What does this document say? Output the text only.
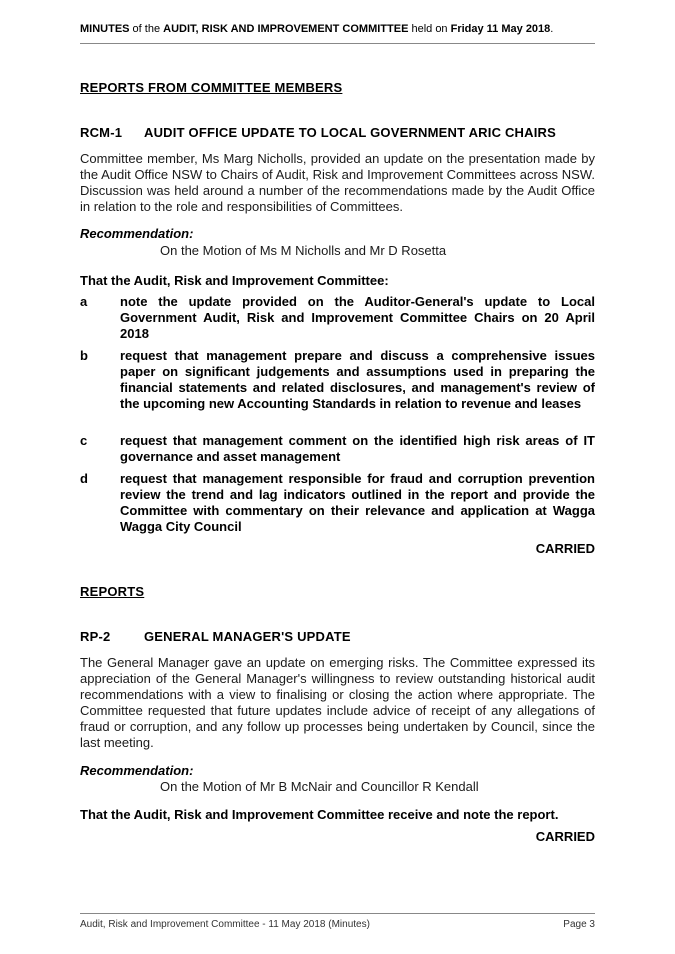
MINUTES of the AUDIT, RISK AND IMPROVEMENT COMMITTEE held on Friday 11 May 2018.
REPORTS FROM COMMITTEE MEMBERS
RCM-1 AUDIT OFFICE UPDATE TO LOCAL GOVERNMENT ARIC CHAIRS
Committee member, Ms Marg Nicholls, provided an update on the presentation made by the Audit Office NSW to Chairs of Audit, Risk and Improvement Committees across NSW. Discussion was held around a number of the recommendations made by the Audit Office in relation to the role and responsibilities of Committees.
Recommendation:
On the Motion of Ms M Nicholls and Mr D Rosetta
That the Audit, Risk and Improvement Committee:
a	note the update provided on the Auditor-General's update to Local Government Audit, Risk and Improvement Committee Chairs on 20 April 2018
b request that management prepare and discuss a comprehensive issues paper on significant judgements and assumptions used in preparing the financial statements and related disclosures, and management's review of the upcoming new Accounting Standards in relation to revenue and leases
c	request that management comment on the identified high risk areas of IT governance and asset management
d request that management responsible for fraud and corruption prevention review the trend and lag indicators outlined in the report and provide the Committee with commentary on their relevance and application at Wagga Wagga City Council
CARRIED
REPORTS
RP-2	GENERAL MANAGER'S UPDATE
The General Manager gave an update on emerging risks. The Committee expressed its appreciation of the General Manager's willingness to review outstanding historical audit recommendations with a view to finalising or closing the action where appropriate. The Committee requested that future updates include advice of receipt of any allegations of fraud or corruption, and any follow up processes being undertaken by Council, since the last meeting.
Recommendation:
On the Motion of Mr B McNair and Councillor R Kendall
That the Audit, Risk and Improvement Committee receive and note the report.
CARRIED
Audit, Risk and Improvement Committee - 11 May 2018 (Minutes)	Page 3
